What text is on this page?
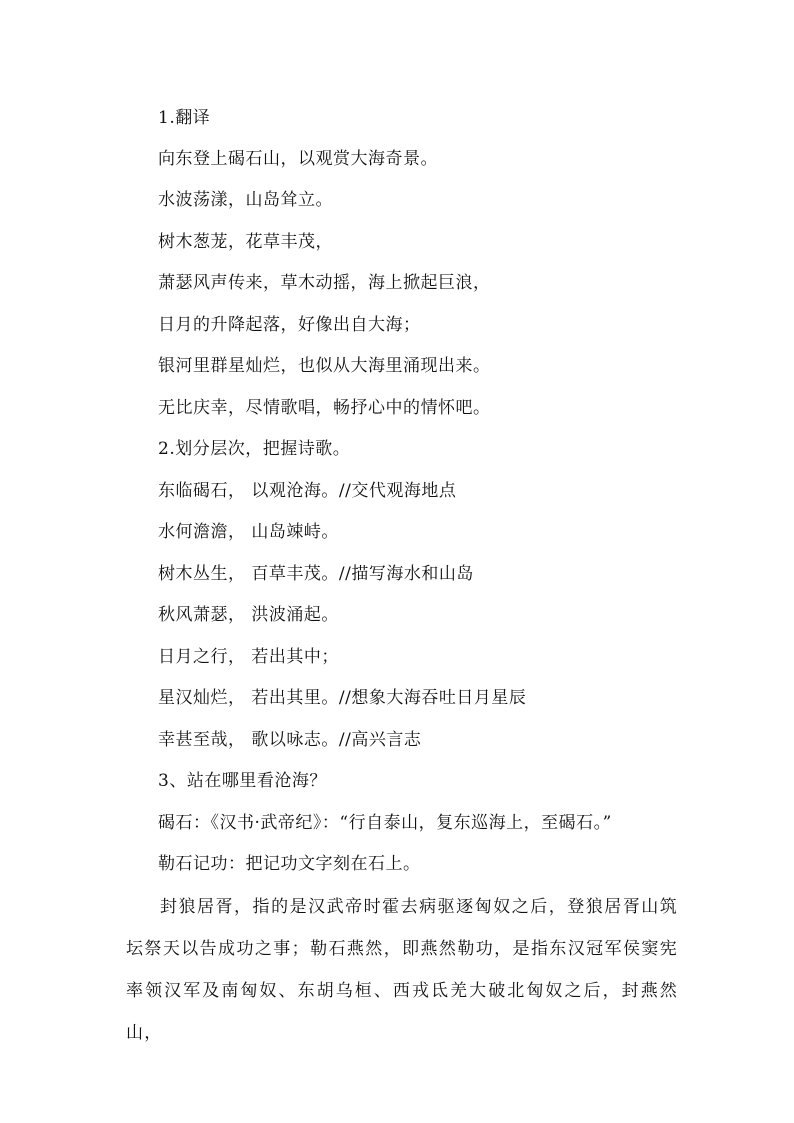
1.翻译
向东登上碣石山，以观赏大海奇景。
水波荡漾，山岛耸立。
树木葱茏，花草丰茂，
萧瑟风声传来，草木动摇，海上掀起巨浪，
日月的升降起落，好像出自大海；
银河里群星灿烂，也似从大海里涌现出来。
无比庆幸，尽情歌唱，畅抒心中的情怀吧。
2.划分层次，把握诗歌。
东临碣石， 以观沧海。//交代观海地点
水何澹澹， 山岛竦峙。
树木丛生， 百草丰茂。//描写海水和山岛
秋风萧瑟， 洪波涌起。
日月之行， 若出其中；
星汉灿烂， 若出其里。//想象大海吞吐日月星辰
幸甚至哉， 歌以咏志。//高兴言志
3、站在哪里看沧海？
碣石：《汉书·武帝纪》：“行自泰山，复东巡海上，至碣石。”
勒石记功：把记功文字刻在石上。
封狼居胥，指的是汉武帝时霍去病驱逐匈奴之后，登狼居胥山筑坛祭天以告成功之事；勒石燕然，即燕然勒功，是指东汉冠军侯窦宪率领汉军及南匈奴、东胡乌桓、西戎氐羌大破北匈奴之后，封燕然山，
